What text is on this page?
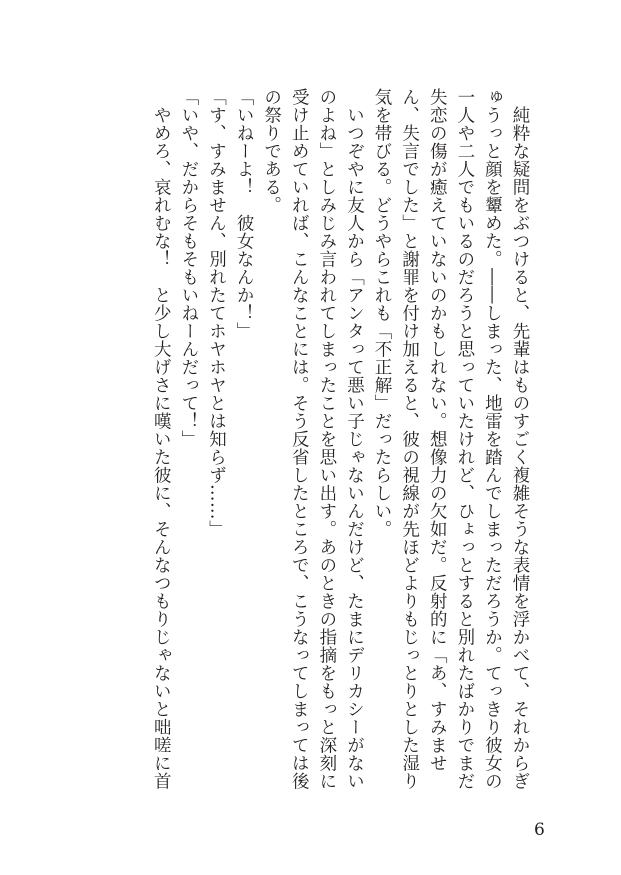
純粋な疑問をぶつけると、先輩はものすごく複雑そうな表情を浮かべて、それからぎゅうっと顔を顰めた。――しまった、地雷を踏んでしまっただろうか。てっきり彼女の一人や二人でもいるのだろうと思っていたけれど、ひょっとすると別れたばかりでまだ失恋の傷が癒えていないのかもしれない。想像力の欠如だ。反射的に「あ、すみません、失言でした」と謝罪を付け加えると、彼の視線が先ほどよりもじっとりとした湿り気を帯びる。どうやらこれも「不正解」だったらしい。

いつぞやに友人から「アンタって悪い子じゃないんだけど、たまにデリカシーがないのよね」としみじみ言われてしまったことを思い出す。あのときの指摘をもっと深刻に受け止めていれば、こんなことには。そう反省したところで、こうなってしまっては後の祭りである。

「いねーよ！　彼女なんか！」

「す、すみません、別れたてホヤホヤとは知らず……」

「いや、だからそもそもいねーんだって！」

やめろ、哀れむな！　と少し大げさに嘆いた彼に、そんなつもりじゃないと咄嗟に首

6
